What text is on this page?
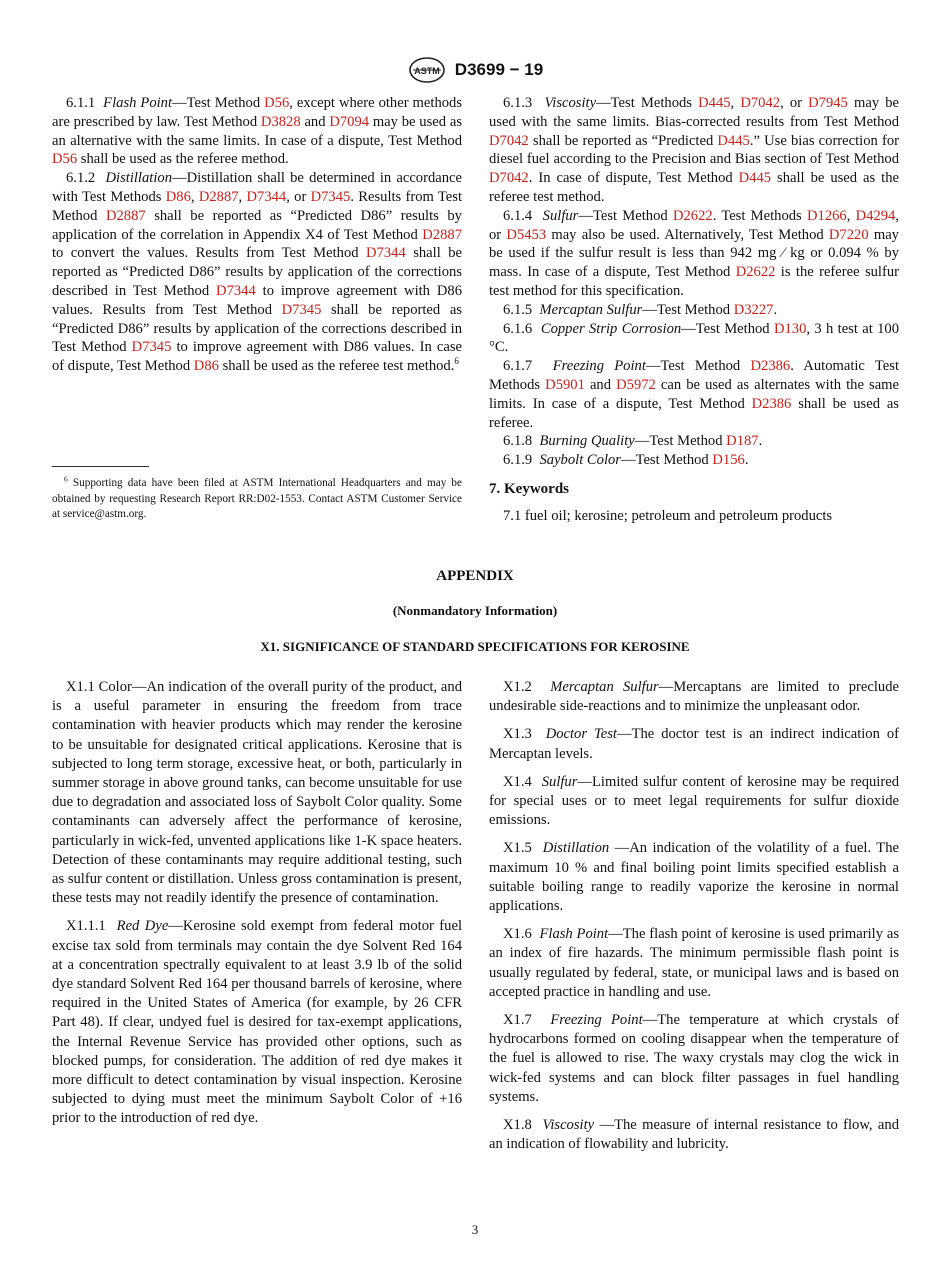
ASTM D3699 − 19

6.1.1 Flash Point—Test Method D56, except where other methods are prescribed by law. Test Method D3828 and D7094 may be used as an alternative with the same limits. In case of a dispute, Test Method D56 shall be used as the referee method.

6.1.2 Distillation—Distillation shall be determined in accordance with Test Methods D86, D2887, D7344, or D7345. Results from Test Method D2887 shall be reported as “Predicted D86” results by application of the correlation in Appendix X4 of Test Method D2887 to convert the values. Results from Test Method D7344 shall be reported as “Predicted D86” results by application of the corrections described in Test Method D7344 to improve agreement with D86 values. Results from Test Method D7345 shall be reported as “Predicted D86” results by application of the corrections described in Test Method D7345 to improve agreement with D86 values. In case of dispute, Test Method D86 shall be used as the referee test method.$^6$

$^6$ Supporting data have been filed at ASTM International Headquarters and may be obtained by requesting Research Report RR:D02-1553. Contact ASTM Customer Service at service@astm.org.

6.1.3 Viscosity—Test Methods D445, D7042, or D7945 may be used with the same limits. Bias-corrected results from Test Method D7042 shall be reported as “Predicted D445.” Use bias correction for diesel fuel according to the Precision and Bias section of Test Method D7042. In case of dispute, Test Method D445 shall be used as the referee test method.

6.1.4 Sulfur—Test Method D2622. Test Methods D1266, D4294, or D5453 may also be used. Alternatively, Test Method D7220 may be used if the sulfur result is less than 942 mg ⁄ kg or 0.094 % by mass. In case of a dispute, Test Method D2622 is the referee sulfur test method for this specification.

6.1.5 Mercaptan Sulfur—Test Method D3227.

6.1.6 Copper Strip Corrosion—Test Method D130, 3 h test at 100 °C.

6.1.7 Freezing Point—Test Method D2386. Automatic Test Methods D5901 and D5972 can be used as alternates with the same limits. In case of a dispute, Test Method D2386 shall be used as referee.

6.1.8 Burning Quality—Test Method D187.

6.1.9 Saybolt Color—Test Method D156.

7. Keywords

7.1 fuel oil; kerosine; petroleum and petroleum products

APPENDIX
(Nonmandatory Information)
X1. SIGNIFICANCE OF STANDARD SPECIFICATIONS FOR KEROSINE

X1.1 Color—An indication of the overall purity of the product, and is a useful parameter in ensuring the freedom from trace contamination with heavier products which may render the kerosine to be unsuitable for designated critical applications. Kerosine that is subjected to long term storage, excessive heat, or both, particularly in summer storage in above ground tanks, can become unsuitable for use due to degradation and associated loss of Saybolt Color quality. Some contaminants can adversely affect the performance of kerosine, particularly in wick-fed, unvented applications like 1-K space heaters. Detection of these contaminants may require additional testing, such as sulfur content or distillation. Unless gross contamination is present, these tests may not readily identify the presence of contamination.

X1.1.1 Red Dye—Kerosine sold exempt from federal motor fuel excise tax sold from terminals may contain the dye Solvent Red 164 at a concentration spectrally equivalent to at least 3.9 lb of the solid dye standard Solvent Red 164 per thousand barrels of kerosine, where required in the United States of America (for example, by 26 CFR Part 48). If clear, undyed fuel is desired for tax-exempt applications, the Internal Revenue Service has provided other options, such as blocked pumps, for consideration. The addition of red dye makes it more difficult to detect contamination by visual inspection. Kerosine subjected to dying must meet the minimum Saybolt Color of +16 prior to the introduction of red dye.

X1.2 Mercaptan Sulfur—Mercaptans are limited to preclude undesirable side-reactions and to minimize the unpleasant odor.

X1.3 Doctor Test—The doctor test is an indirect indication of Mercaptan levels.

X1.4 Sulfur—Limited sulfur content of kerosine may be required for special uses or to meet legal requirements for sulfur dioxide emissions.

X1.5 Distillation —An indication of the volatility of a fuel. The maximum 10 % and final boiling point limits specified establish a suitable boiling range to readily vaporize the kerosine in normal applications.

X1.6 Flash Point—The flash point of kerosine is used primarily as an index of fire hazards. The minimum permissible flash point is usually regulated by federal, state, or municipal laws and is based on accepted practice in handling and use.

X1.7 Freezing Point—The temperature at which crystals of hydrocarbons formed on cooling disappear when the temperature of the fuel is allowed to rise. The waxy crystals may clog the wick in wick-fed systems and can block filter passages in fuel handling systems.

X1.8 Viscosity —The measure of internal resistance to flow, and an indication of flowability and lubricity.

3
